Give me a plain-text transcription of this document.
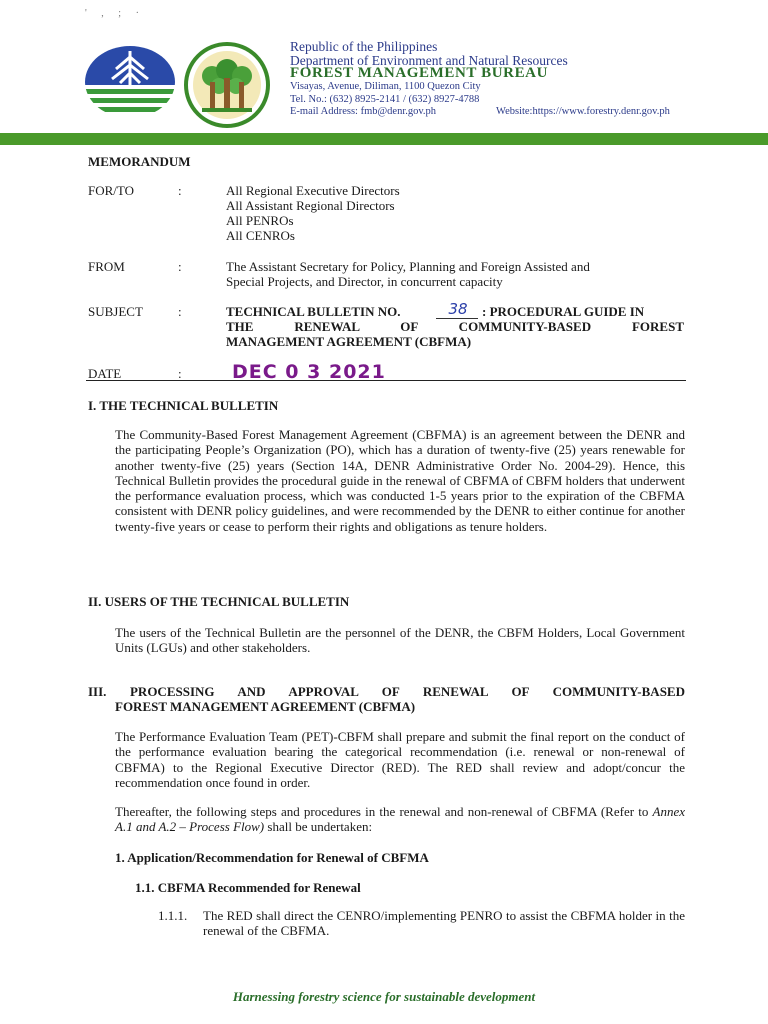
' , ; ·
Republic of the Philippines
Department of Environment and Natural Resources
FOREST MANAGEMENT BUREAU
Visayas, Avenue, Diliman, 1100 Quezon City
Tel. No.: (632) 8925-2141 / (632) 8927-4788
E-mail Address: fmb@denr.gov.ph	Website:https://www.forestry.denr.gov.ph
MEMORANDUM
FOR/TO	:	All Regional Executive Directors
All Assistant Regional Directors
All PENROs
All CENROs
FROM	:	The Assistant Secretary for Policy, Planning and Foreign Assisted and
Special Projects, and Director, in concurrent capacity
SUBJECT	:	TECHNICAL BULLETIN NO.	38	: PROCEDURAL GUIDE IN
THE RENEWAL OF COMMUNITY-BASED FOREST
MANAGEMENT AGREEMENT (CBFMA)
DATE	:	DEC 0 3 2021
I. THE TECHNICAL BULLETIN
The Community-Based Forest Management Agreement (CBFMA) is an agreement between the DENR and the participating People’s Organization (PO), which has a duration of twenty-five (25) years renewable for another twenty-five (25) years (Section 14A, DENR Administrative Order No. 2004-29). Hence, this Technical Bulletin provides the procedural guide in the renewal of CBFMA of CBFM holders that underwent the performance evaluation process, which was conducted 1-5 years prior to the expiration of the CBFMA consistent with DENR policy guidelines, and were recommended by the DENR to either continue for another twenty-five years or cease to perform their rights and obligations as tenure holders.
II. USERS OF THE TECHNICAL BULLETIN
The users of the Technical Bulletin are the personnel of the DENR, the CBFM Holders, Local Government Units (LGUs) and other stakeholders.
III. PROCESSING AND APPROVAL OF RENEWAL OF COMMUNITY-BASED
FOREST MANAGEMENT AGREEMENT (CBFMA)
The Performance Evaluation Team (PET)-CBFM shall prepare and submit the final report on the conduct of the performance evaluation bearing the categorical recommendation (i.e. renewal or non-renewal of CBFMA) to the Regional Executive Director (RED). The RED shall review and adopt/concur the recommendation once found in order.
Thereafter, the following steps and procedures in the renewal and non-renewal of CBFMA (Refer to Annex A.1 and A.2 – Process Flow) shall be undertaken:
1. Application/Recommendation for Renewal of CBFMA
1.1. CBFMA Recommended for Renewal
1.1.1. The RED shall direct the CENRO/implementing PENRO to assist the CBFMA holder in the renewal of the CBFMA.
Harnessing forestry science for sustainable development
